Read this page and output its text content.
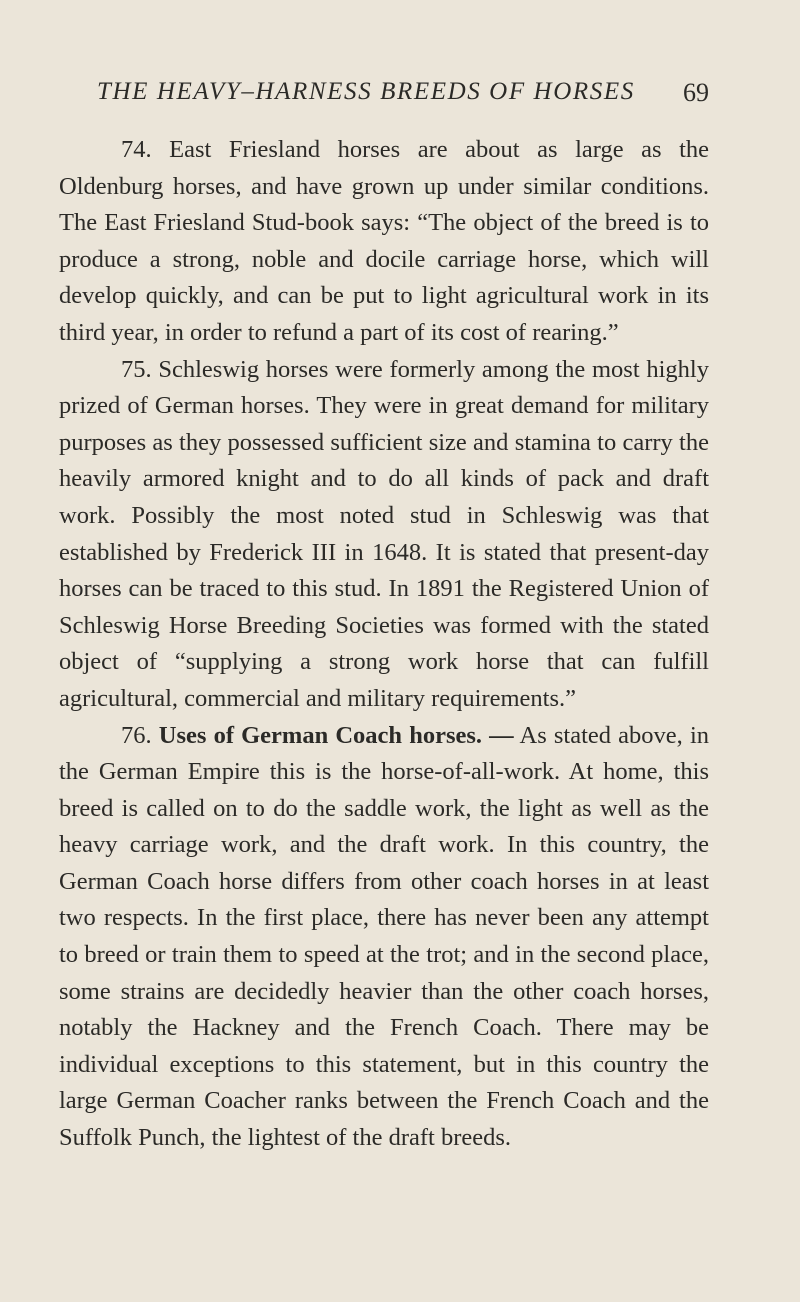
THE HEAVY–HARNESS BREEDS OF HORSES 69

74. East Friesland horses are about as large as the Oldenburg horses, and have grown up under similar conditions. The East Friesland Stud-book says: “The object of the breed is to produce a strong, noble and docile carriage horse, which will develop quickly, and can be put to light agricultural work in its third year, in order to refund a part of its cost of rearing.”

75. Schleswig horses were formerly among the most highly prized of German horses. They were in great demand for military purposes as they possessed sufficient size and stamina to carry the heavily armored knight and to do all kinds of pack and draft work. Possibly the most noted stud in Schleswig was that established by Frederick III in 1648. It is stated that present-day horses can be traced to this stud. In 1891 the Registered Union of Schleswig Horse Breeding Societies was formed with the stated object of “supplying a strong work horse that can fulfill agricultural, commercial and military requirements.”

76. Uses of German Coach horses. — As stated above, in the German Empire this is the horse-of-all-work. At home, this breed is called on to do the saddle work, the light as well as the heavy carriage work, and the draft work. In this country, the German Coach horse differs from other coach horses in at least two respects. In the first place, there has never been any attempt to breed or train them to speed at the trot; and in the second place, some strains are decidedly heavier than the other coach horses, notably the Hackney and the French Coach. There may be individual exceptions to this statement, but in this country the large German Coacher ranks between the French Coach and the Suffolk Punch, the lightest of the draft breeds.
